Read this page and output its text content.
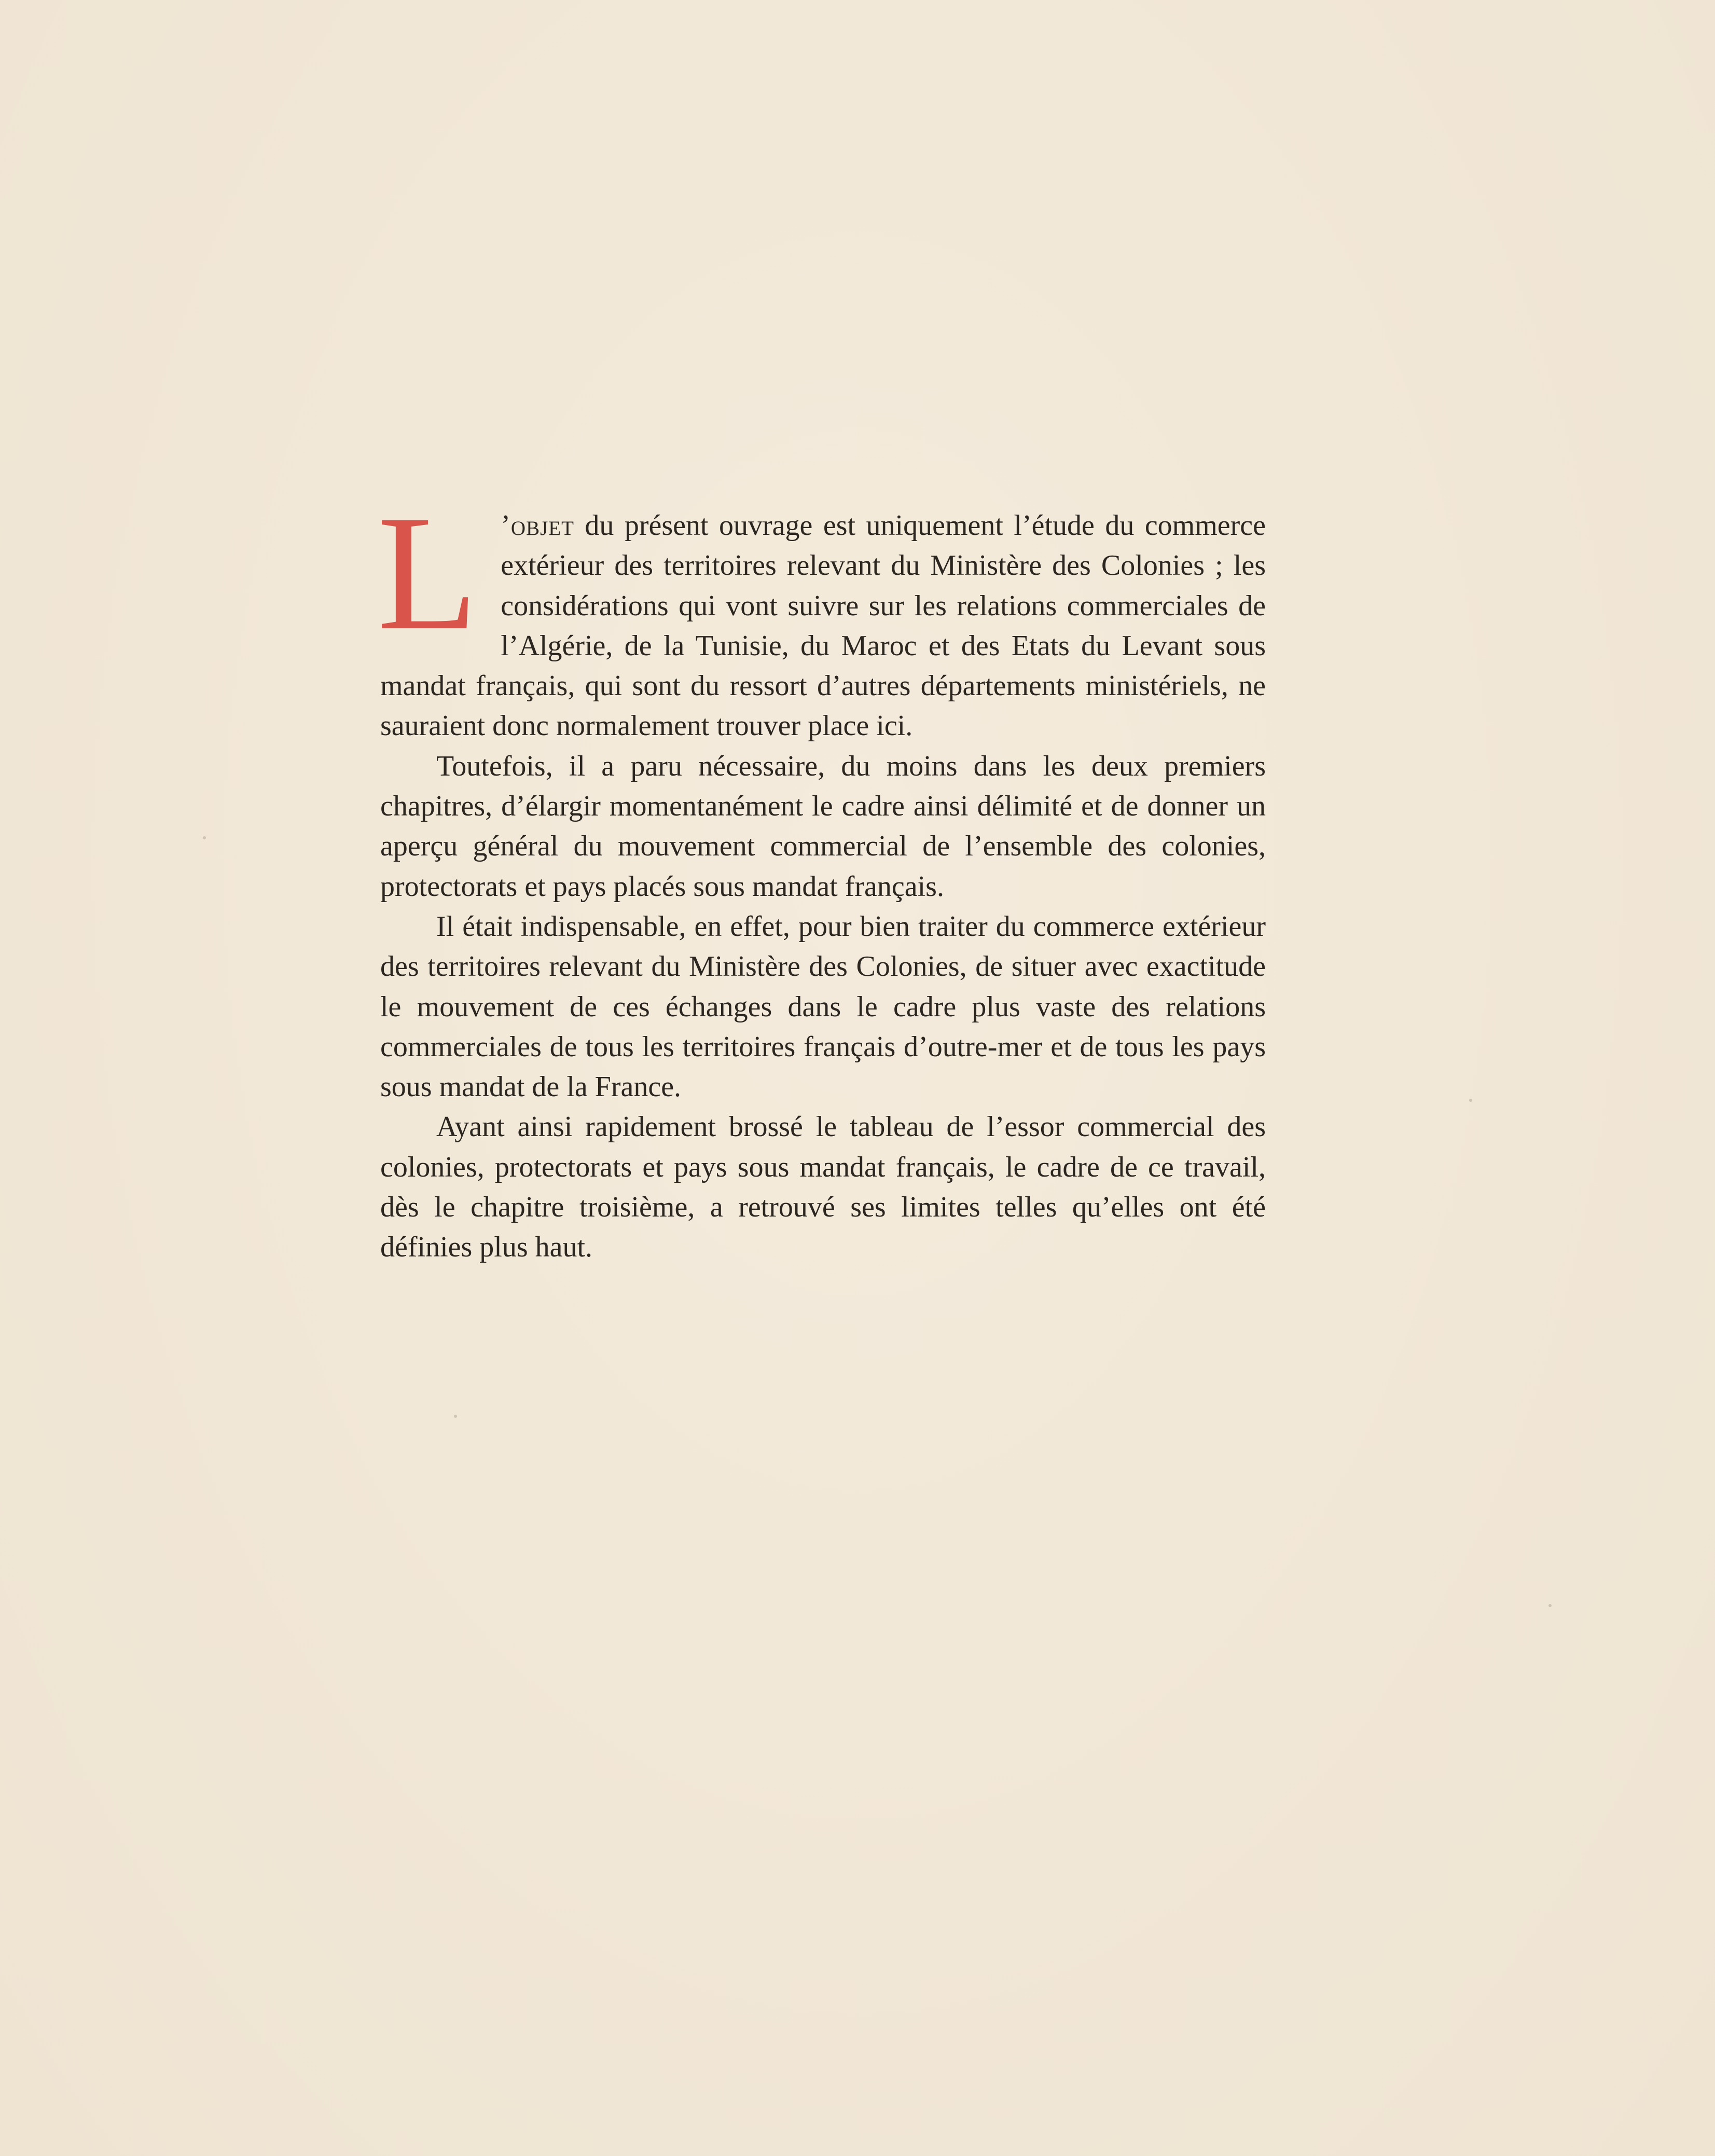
L ’objet du présent ouvrage est uniquement l’étude du commerce extérieur des territoires relevant du Ministère des Colonies ; les considérations qui vont suivre sur les relations commerciales de l’Algérie, de la Tunisie, du Maroc et des Etats du Levant sous mandat français, qui sont du ressort d’autres départements ministériels, ne sauraient donc normalement trouver place ici.

Toutefois, il a paru nécessaire, du moins dans les deux premiers chapitres, d’élargir momentanément le cadre ainsi délimité et de donner un aperçu général du mouvement commercial de l’ensemble des colonies, protectorats et pays placés sous mandat français.

Il était indispensable, en effet, pour bien traiter du commerce extérieur des territoires relevant du Ministère des Colonies, de situer avec exactitude le mouvement de ces échanges dans le cadre plus vaste des relations commerciales de tous les territoires français d’outre-mer et de tous les pays sous mandat de la France.

Ayant ainsi rapidement brossé le tableau de l’essor commercial des colonies, protectorats et pays sous mandat français, le cadre de ce travail, dès le chapitre troisième, a retrouvé ses limites telles qu’elles ont été définies plus haut.
